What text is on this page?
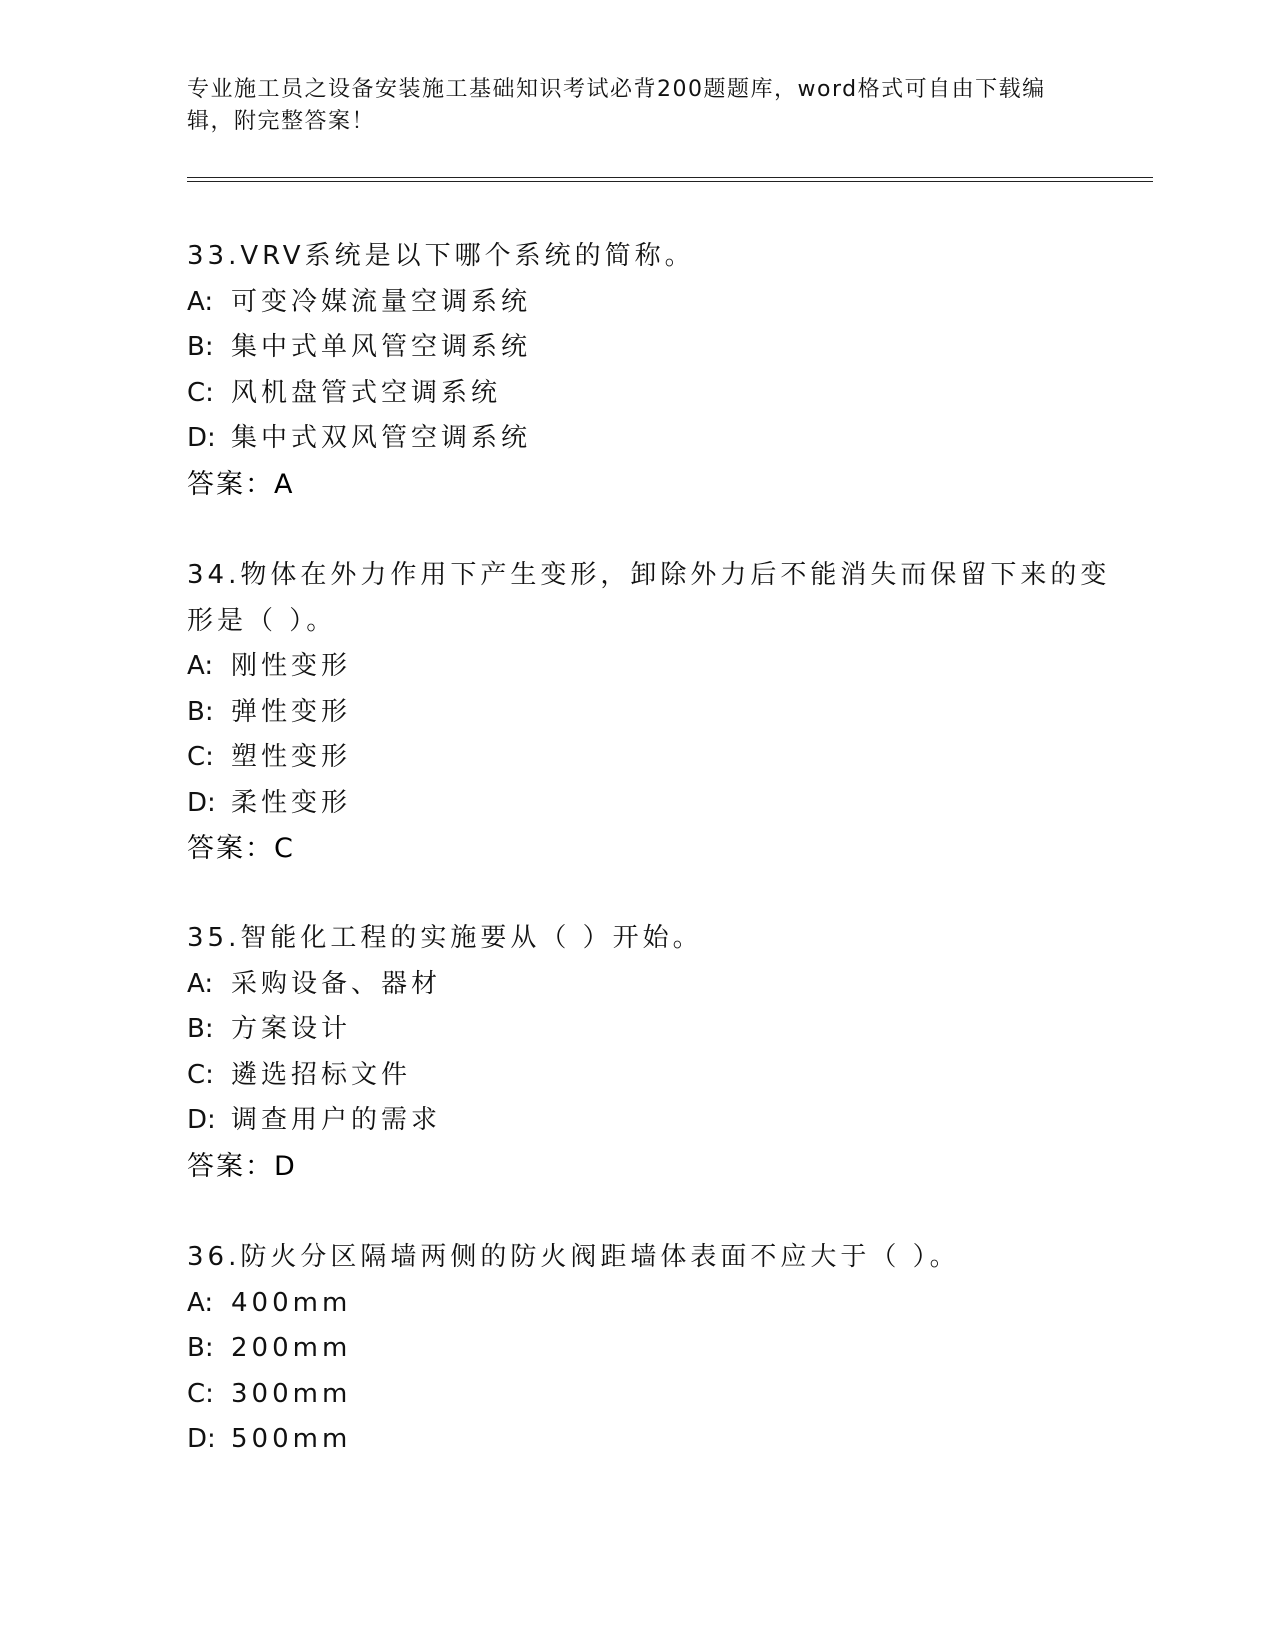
专业施工员之设备安装施工基础知识考试必背200题题库，word格式可自由下载编辑，附完整答案！
33.VRV系统是以下哪个系统的简称。
A: 可变冷媒流量空调系统
B: 集中式单风管空调系统
C: 风机盘管式空调系统
D: 集中式双风管空调系统
答案：A
34.物体在外力作用下产生变形，卸除外力后不能消失而保留下来的变
形是（ ）。
A: 刚性变形
B: 弹性变形
C: 塑性变形
D: 柔性变形
答案：C
35.智能化工程的实施要从（ ）开始。
A: 采购设备、器材
B: 方案设计
C: 遴选招标文件
D: 调查用户的需求
答案：D
36.防火分区隔墙两侧的防火阀距墙体表面不应大于（ ）。
A: 400mm
B: 200mm
C: 300mm
D: 500mm
